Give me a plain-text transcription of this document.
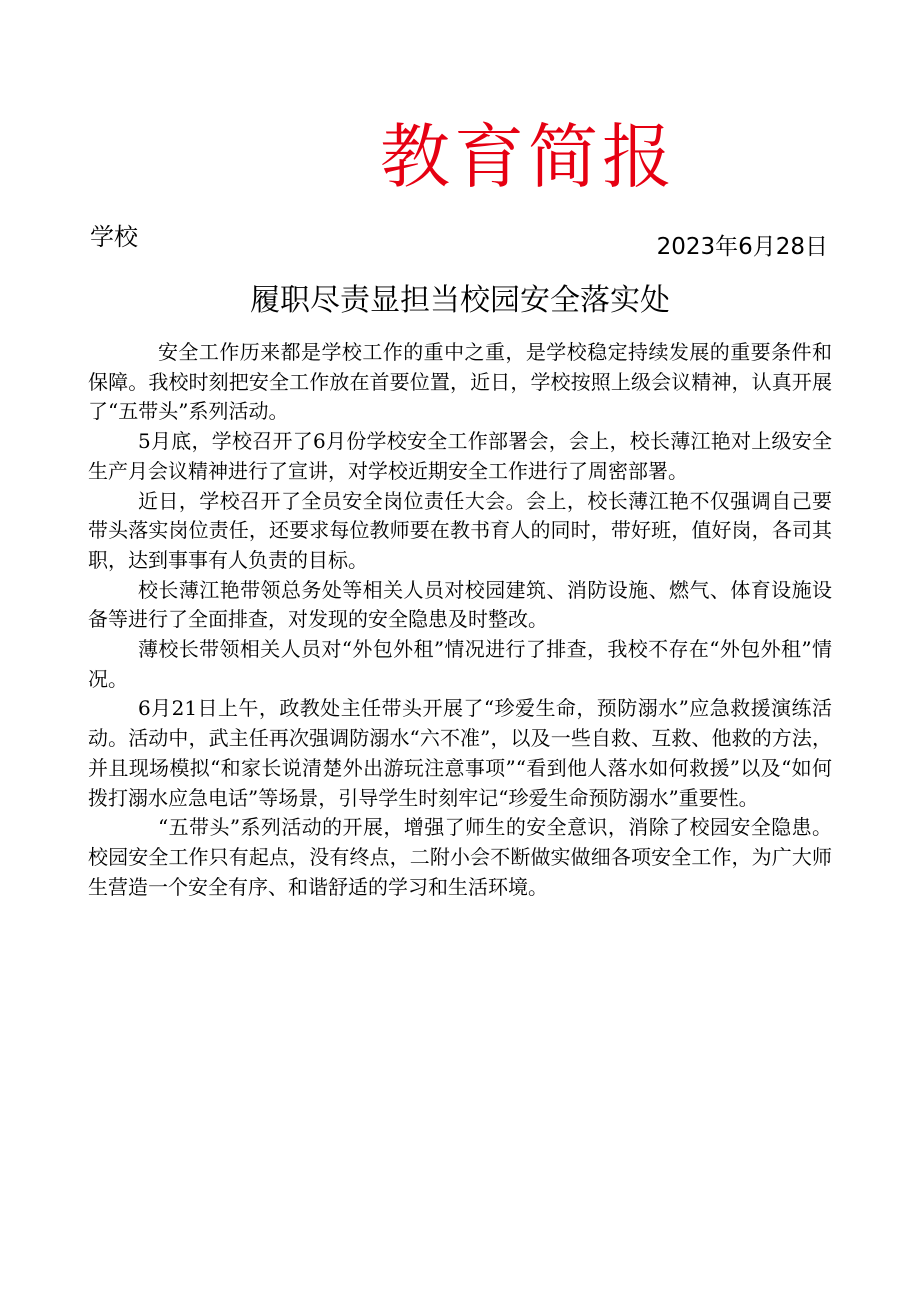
教育简报
学校	2023年6月28日
履职尽责显担当校园安全落实处

安全工作历来都是学校工作的重中之重，是学校稳定持续发展的重要条件和保障。我校时刻把安全工作放在首要位置，近日，学校按照上级会议精神，认真开展了“五带头”系列活动。

5月底，学校召开了6月份学校安全工作部署会，会上，校长薄江艳对上级安全生产月会议精神进行了宣讲，对学校近期安全工作进行了周密部署。

近日，学校召开了全员安全岗位责任大会。会上，校长薄江艳不仅强调自己要带头落实岗位责任，还要求每位教师要在教书育人的同时，带好班，值好岗，各司其职，达到事事有人负责的目标。

校长薄江艳带领总务处等相关人员对校园建筑、消防设施、燃气、体育设施设备等进行了全面排查，对发现的安全隐患及时整改。

薄校长带领相关人员对“外包外租”情况进行了排查，我校不存在“外包外租”情况。

6月21日上午，政教处主任带头开展了“珍爱生命，预防溺水”应急救援演练活动。活动中，武主任再次强调防溺水“六不准”，以及一些自救、互救、他救的方法，并且现场模拟“和家长说清楚外出游玩注意事项”“看到他人落水如何救援”以及“如何拨打溺水应急电话”等场景，引导学生时刻牢记“珍爱生命预防溺水”重要性。

“五带头”系列活动的开展，增强了师生的安全意识，消除了校园安全隐患。校园安全工作只有起点，没有终点，二附小会不断做实做细各项安全工作，为广大师生营造一个安全有序、和谐舒适的学习和生活环境。
